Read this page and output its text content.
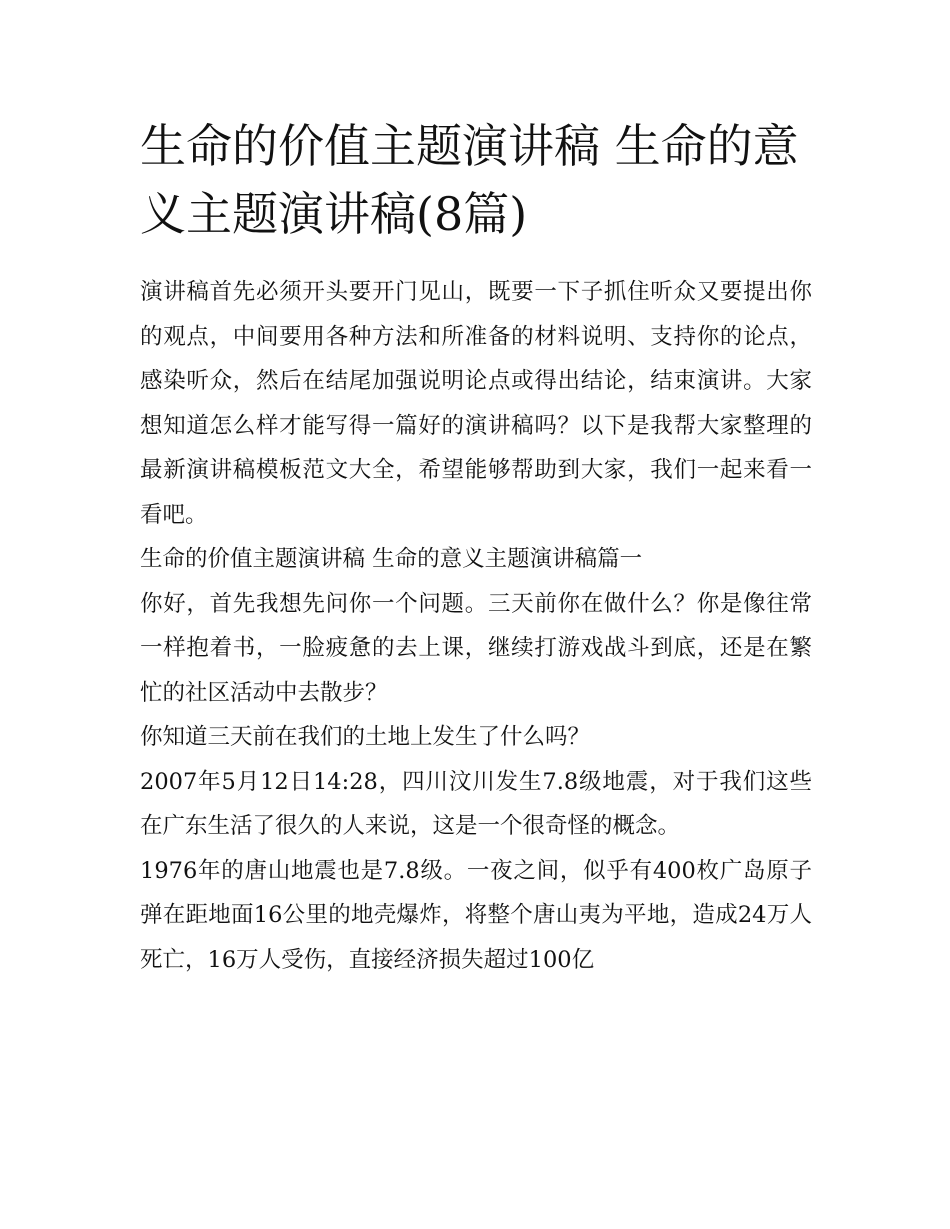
生命的价值主题演讲稿 生命的意义主题演讲稿(8篇)

演讲稿首先必须开头要开门见山，既要一下子抓住听众又要提出你的观点，中间要用各种方法和所准备的材料说明、支持你的论点，感染听众，然后在结尾加强说明论点或得出结论，结束演讲。大家想知道怎么样才能写得一篇好的演讲稿吗？以下是我帮大家整理的最新演讲稿模板范文大全，希望能够帮助到大家，我们一起来看一看吧。

生命的价值主题演讲稿 生命的意义主题演讲稿篇一

你好，首先我想先问你一个问题。三天前你在做什么？你是像往常一样抱着书，一脸疲惫的去上课，继续打游戏战斗到底，还是在繁忙的社区活动中去散步？

你知道三天前在我们的土地上发生了什么吗？

2007年5月12日14:28，四川汶川发生7.8级地震，对于我们这些在广东生活了很久的人来说，这是一个很奇怪的概念。

1976年的唐山地震也是7.8级。一夜之间，似乎有400枚广岛原子弹在距地面16公里的地壳爆炸，将整个唐山夷为平地，造成24万人死亡，16万人受伤，直接经济损失超过100亿
